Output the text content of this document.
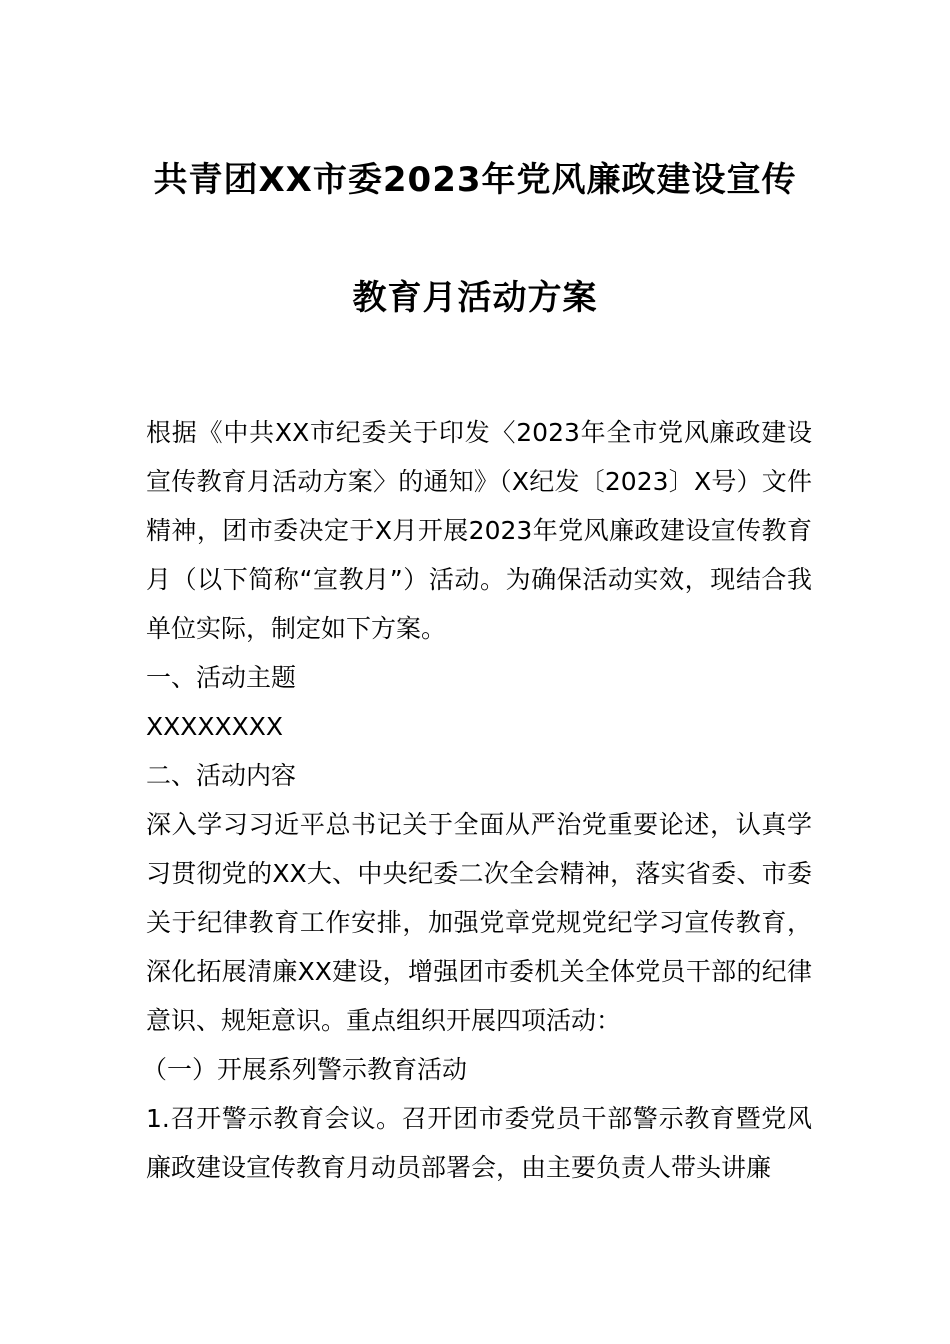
共青团XX市委2023年党风廉政建设宣传
教育月活动方案

根据《中共XX市纪委关于印发〈2023年全市党风廉政建设宣传教育月活动方案〉的通知》（X纪发〔2023〕X号）文件精神，团市委决定于X月开展2023年党风廉政建设宣传教育月（以下简称“宣教月”）活动。为确保活动实效，现结合我单位实际，制定如下方案。

一、活动主题

XXXXXXXX

二、活动内容

深入学习习近平总书记关于全面从严治党重要论述，认真学习贯彻党的XX大、中央纪委二次全会精神，落实省委、市委关于纪律教育工作安排，加强党章党规党纪学习宣传教育，深化拓展清廉XX建设，增强团市委机关全体党员干部的纪律意识、规矩意识。重点组织开展四项活动：

（一）开展系列警示教育活动

1.召开警示教育会议。召开团市委党员干部警示教育暨党风廉政建设宣传教育月动员部署会，由主要负责人带头讲廉
